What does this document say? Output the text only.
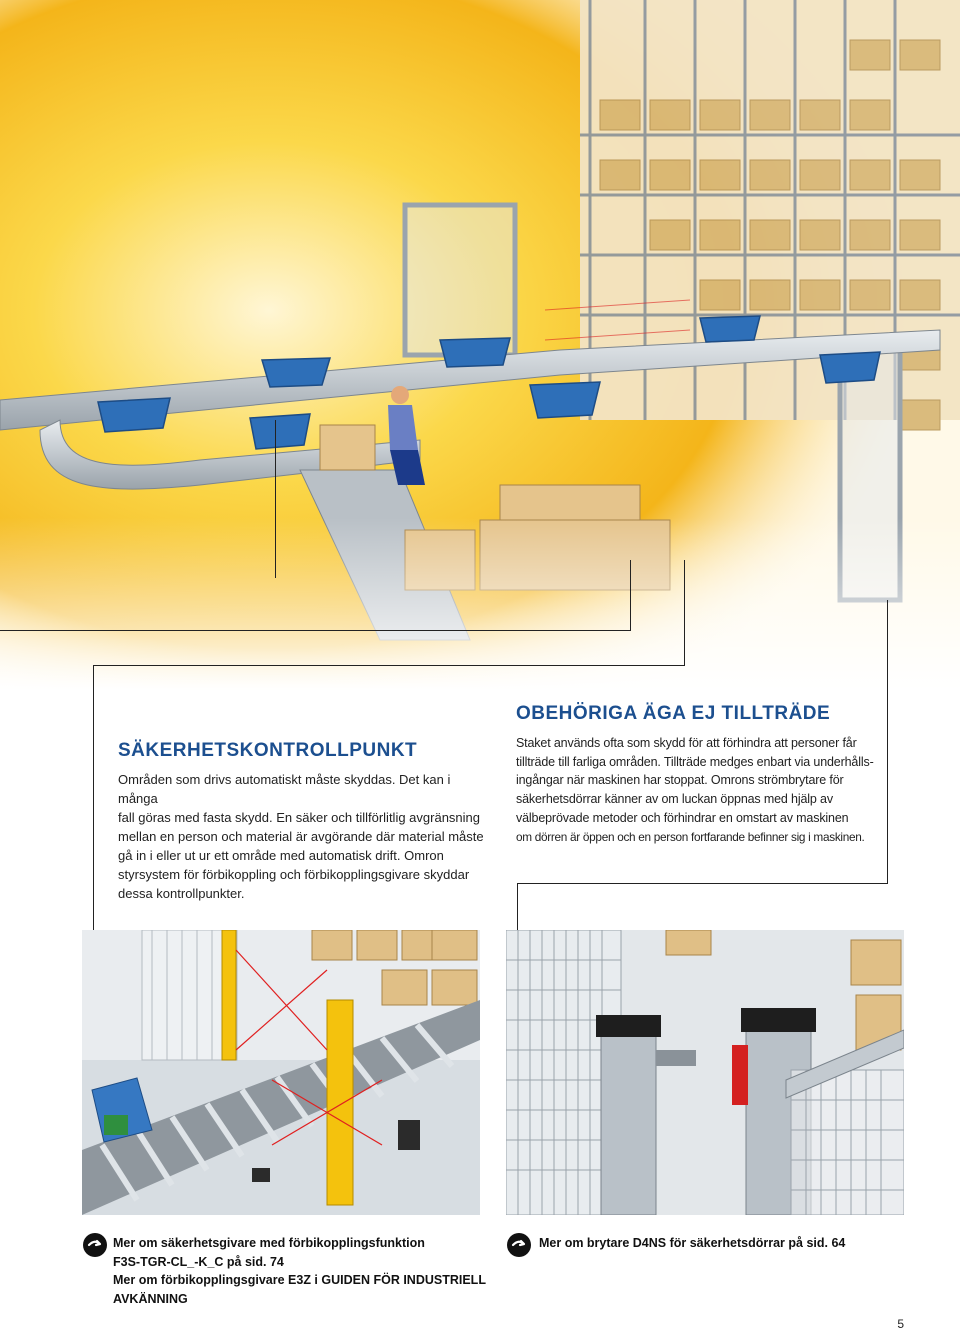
SÄKERHETSKONTROLLPUNKT
Områden som drivs automatiskt måste skyddas. Det kan i många
fall göras med fasta skydd. En säker och tillförlitlig avgränsning
mellan en person och material är avgörande där material måste
gå in i eller ut ur ett område med automatisk drift. Omron
styrsystem för förbikoppling och förbikopplingsgivare skyddar
dessa kontrollpunkter.
OBEHÖRIGA ÄGA EJ TILLTRÄDE
Staket används ofta som skydd för att förhindra att personer får
tillträde till farliga områden. Tillträde medges enbart via underhålls-
ingångar när maskinen har stoppat. Omrons strömbrytare för
säkerhetsdörrar känner av om luckan öppnas med hjälp av
välbeprövade metoder och förhindrar en omstart av maskinen
om dörren är öppen och en person fortfarande befinner sig i maskinen.
Mer om säkerhetsgivare med förbikopplingsfunktion
F3S-TGR-CL_-K_C på sid. 74
Mer om förbikopplingsgivare E3Z i GUIDEN FÖR INDUSTRIELL
AVKÄNNING
Mer om brytare D4NS för säkerhetsdörrar på sid. 64
5
